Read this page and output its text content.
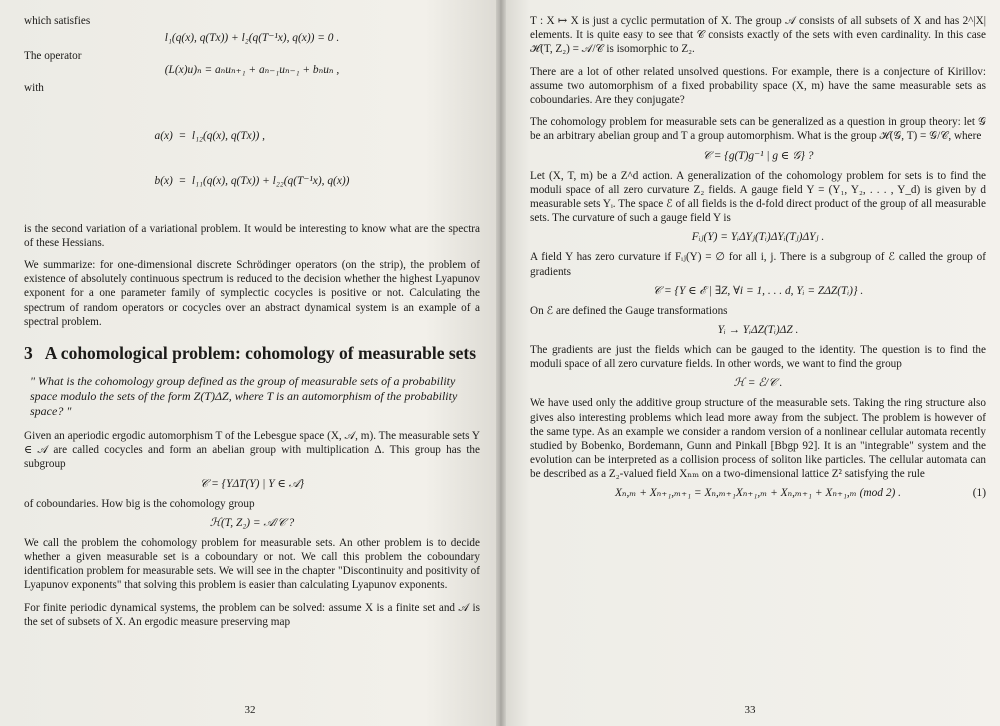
which satisfies

l₁(q(x), q(Tx)) + l₂(q(T⁻¹x), q(x)) = 0 .

The operator

(L(x)u)ₙ = aₙuₙ₊₁ + aₙ₋₁uₙ₋₁ + bₙuₙ ,

with

a(x)  =  l₁₂(q(x), q(Tx)) ,

b(x)  =  l₁₁(q(x), q(Tx)) + l₂₂(q(T⁻¹x), q(x))

is the second variation of a variational problem. It would be interesting to know what are the spectra of these Hessians.

We summarize: for one-dimensional discrete Schrödinger operators (on the strip), the problem of existence of absolutely continuous spectrum is reduced to the decision whether the highest Lyapunov exponent for a one parameter family of symplectic cocycles is positive or not. Calculating the spectrum of random operators or cocycles over an abstract dynamical system is an example of a spectral problem.

3 A cohomological problem: cohomology of measurable sets

" What is the cohomology group defined as the group of measurable sets of a probability space modulo the sets of the form Z(T)ΔZ, where T is an automorphism of the probability space? "

Given an aperiodic ergodic automorphism T of the Lebesgue space (X, 𝒜, m). The measurable sets Y ∈ 𝒜 are called cocycles and form an abelian group with multiplication Δ. This group has the subgroup

𝒞 = {YΔT(Y) | Y ∈ 𝒜}

of coboundaries. How big is the cohomology group

ℋ(T, Z₂) = 𝒜/𝒞 ?

We call the problem the cohomology problem for measurable sets. An other problem is to decide whether a given measurable set is a coboundary or not. We call this problem the coboundary identification problem for measurable sets. We will see in the chapter "Discontinuity and positivity of Lyapunov exponents" that solving this problem is easier than calculating Lyapunov exponents.

For finite periodic dynamical systems, the problem can be solved: assume X is a finite set and 𝒜 is the set of subsets of X. An ergodic measure preserving map

32

T : X ↦ X is just a cyclic permutation of X. The group 𝒜 consists of all subsets of X and has 2^|X| elements. It is quite easy to see that 𝒞 consists exactly of the sets with even cardinality. In this case ℋ(T, Z₂) = 𝒜/𝒞 is isomorphic to Z₂.

There are a lot of other related unsolved questions. For example, there is a conjecture of Kirillov: assume two automorphism of a fixed probability space (X, m) have the same measurable sets as coboundaries. Are they conjugate?

The cohomology problem for measurable sets can be generalized as a question in group theory: let 𝒢 be an arbitrary abelian group and T a group automorphism. What is the group ℋ(𝒢, T) = 𝒢/𝒞, where

𝒞 = {g(T)g⁻¹ | g ∈ 𝒢} ?

Let (X, T, m) be a Z^d action. A generalization of the cohomology problem for sets is to find the moduli space of all zero curvature Z₂ fields. A gauge field Y = (Y₁, Y₂, . . . , Y_d) is given by d measurable sets Yᵢ. The space ℰ of all fields is the d-fold direct product of the group of all measurable sets. The curvature of such a gauge field Y is

Fᵢⱼ(Y) = YᵢΔYⱼ(Tᵢ)ΔYᵢ(Tⱼ)ΔYⱼ .

A field Y has zero curvature if Fᵢⱼ(Y) = ∅ for all i, j. There is a subgroup of ℰ called the group of gradients

𝒞 = {Y ∈ ℰ | ∃Z, ∀i = 1, . . . d, Yᵢ = ZΔZ(Tᵢ)} .

On ℰ are defined the Gauge transformations

Yᵢ → YᵢΔZ(Tᵢ)ΔZ .

The gradients are just the fields which can be gauged to the identity. The question is to find the moduli space of all zero curvature fields. In other words, we want to find the group

ℋ = ℰ/𝒞 .

We have used only the additive group structure of the measurable sets. Taking the ring structure also gives also interesting problems which lead more away from the subject. The problem is however of the same type. As an example we consider a random version of a nonlinear cellular automata recently studied by Bobenko, Bordemann, Gunn and Pinkall [Bbgp 92]. It is an "integrable" system and the evolution can be interpreted as a collision process of soliton like particles. The cellular automata can be described as a Z₂-valued field Xₙₘ on a two-dimensional lattice Z² satisfying the rule

Xₙ,ₘ + Xₙ₊₁,ₘ₊₁ = Xₙ,ₘ₊₁Xₙ₊₁,ₘ + Xₙ,ₘ₊₁ + Xₙ₊₁,ₘ (mod 2) .	(1)
33
